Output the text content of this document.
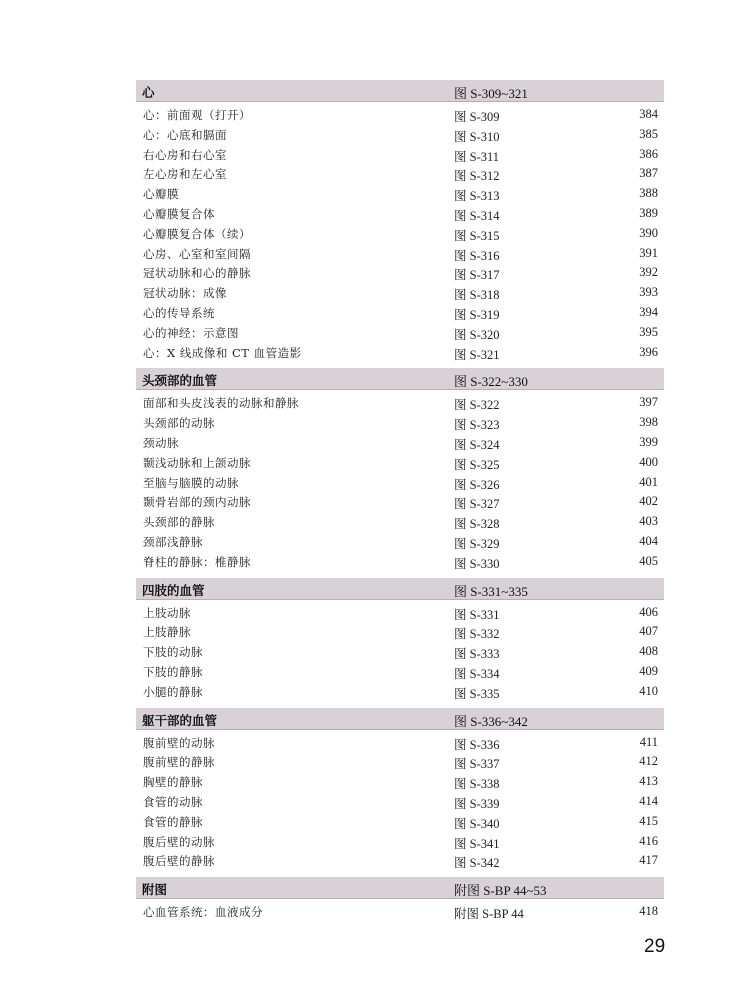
心	图 S-309~321
心：前面观（打开）	图 S-309	384
心：心底和膈面	图 S-310	385
右心房和右心室	图 S-311	386
左心房和左心室	图 S-312	387
心瓣膜	图 S-313	388
心瓣膜复合体	图 S-314	389
心瓣膜复合体（续）	图 S-315	390
心房、心室和室间隔	图 S-316	391
冠状动脉和心的静脉	图 S-317	392
冠状动脉：成像	图 S-318	393
心的传导系统	图 S-319	394
心的神经：示意图	图 S-320	395
心：X 线成像和 CT 血管造影	图 S-321	396
头颈部的血管	图 S-322~330
面部和头皮浅表的动脉和静脉	图 S-322	397
头颈部的动脉	图 S-323	398
颈动脉	图 S-324	399
颞浅动脉和上颌动脉	图 S-325	400
至脑与脑膜的动脉	图 S-326	401
颞骨岩部的颈内动脉	图 S-327	402
头颈部的静脉	图 S-328	403
颈部浅静脉	图 S-329	404
脊柱的静脉：椎静脉	图 S-330	405
四肢的血管	图 S-331~335
上肢动脉	图 S-331	406
上肢静脉	图 S-332	407
下肢的动脉	图 S-333	408
下肢的静脉	图 S-334	409
小腿的静脉	图 S-335	410
躯干部的血管	图 S-336~342
腹前壁的动脉	图 S-336	411
腹前壁的静脉	图 S-337	412
胸壁的静脉	图 S-338	413
食管的动脉	图 S-339	414
食管的静脉	图 S-340	415
腹后壁的动脉	图 S-341	416
腹后壁的静脉	图 S-342	417
附图	附图 S-BP 44~53
心血管系统：血液成分	附图 S-BP 44	418
29
